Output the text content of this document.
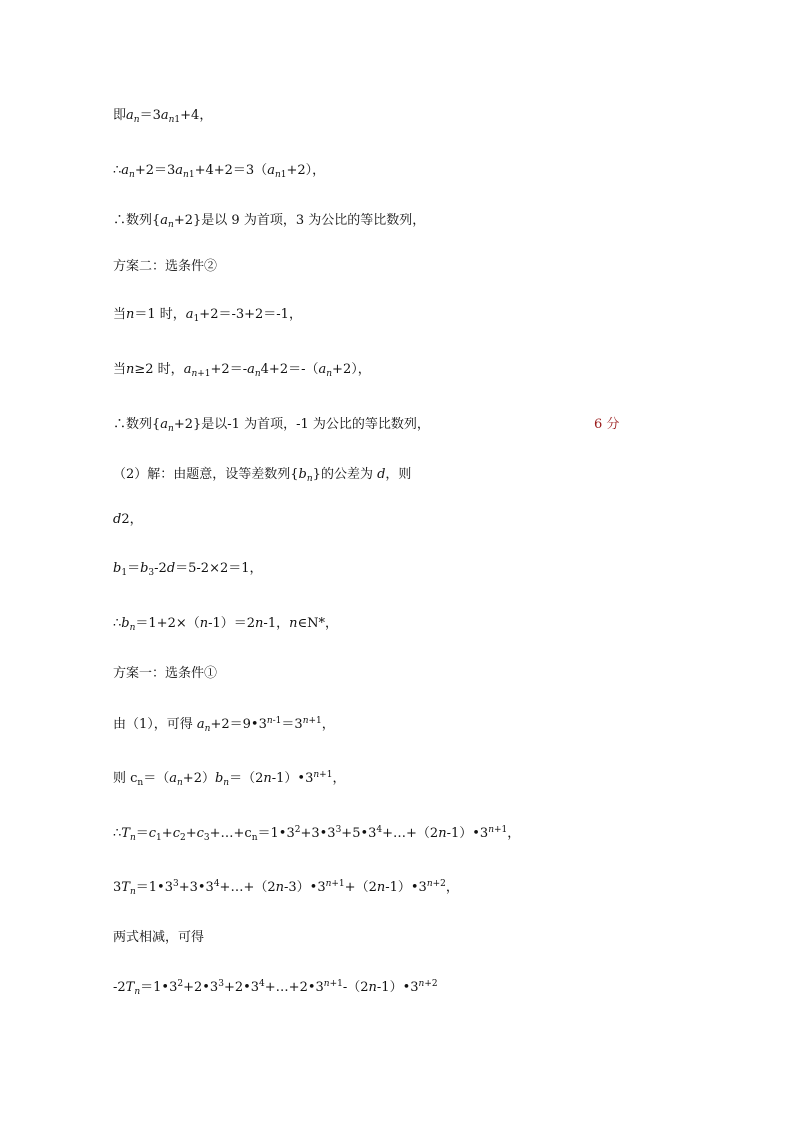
即$a_n=3a_{n1}+4$，
$\therefore a_n+2=3a_{n1}+4+2=3(a_{n1}+2)$，
∴数列$\{a_n+2\}$是以 9 为首项，3 为公比的等比数列，
方案二：选条件②
当n＝1 时，$a_1+2=-3+2=-1$，
当n≥2 时，$a_{n+1}+2=-a_n4+2=-(a_n+2)$，
∴数列$\{a_n+2\}$是以-1 为首项，-1 为公比的等比数列，	6 分
（2）解：由题意，设等差数列$\{b_n\}$的公差为 d，则
d2，
$b_1=b_3-2d=5-2\times 2=1$，
$\therefore b_n=1+2\times(n-1)=2n-1$，n∈N*，
方案一：选条件①
由（1），可得 $a_n+2=9•3^{n-1}=3^{n+1}$，
则 $c_n=(a_n+2)b_n=(2n-1)•3^{n+1}$，
$\therefore T_n=c_1+c_2+c_3+\dots+c_n=1•3^2+3•3^3+5•3^4+\dots+(2n-1)•3^{n+1}$，
$3T_n=1•3^3+3•3^4+\dots+(2n-3)•3^{n+1}+(2n-1)•3^{n+2}$，
两式相减，可得
$-2T_n=1•3^2+2•3^3+2•3^4+\dots+2•3^{n+1}-(2n-1)•3^{n+2}$
